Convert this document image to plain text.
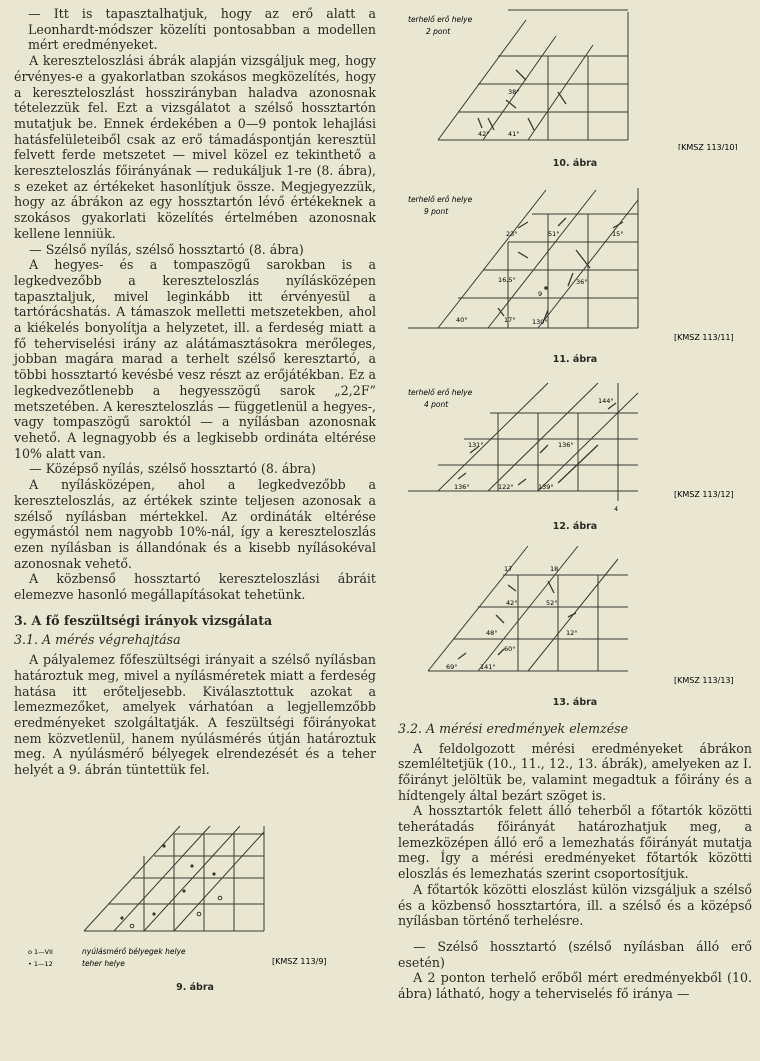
— Itt is tapasztalhatjuk, hogy az erő alatt a Leonhardt-módszer közelíti pontosabban a modellen mért eredményeket.

A kereszteloszlási ábrák alapján vizsgáljuk meg, hogy érvényes-e a gyakorlatban szokásos megközelítés, hogy a kereszteloszlást hosszirányban haladva azonosnak tételezzük fel. Ezt a vizsgálatot a szélső hossztartón mutatjuk be. Ennek érdekében a 0—9 pontok lehajlási hatásfelületeiből csak az erő támadáspontján keresztül felvett ferde metszetet — mivel közel ez tekinthető a kereszteloszlás főirányának — redukáljuk 1-re (8. ábra), s ezeket az értékeket hasonlítjuk össze. Megjegyezzük, hogy az ábrákon az egy hossztartón lévő értékeknek a szokásos gyakorlati közelítés értelmében azonosnak kellene lenniük.

— Szélső nyílás, szélső hossztartó (8. ábra)

A hegyes- és a tompaszögű sarokban is a legkedvezőbb a kereszteloszlás nyílásközépen tapasztaljuk, mivel leginkább itt érvényesül a tartórácshatás. A támaszok melletti metszetekben, ahol a kiékelés bonyolítja a helyzetet, ill. a ferdeség miatt a fő teherviselési irány az alátámasztásokra merőleges, jobban magára marad a terhelt szélső keresztartó, a többi hossztartó kevésbé vesz részt az erőjátékban. Ez a legkedvezőtlenebb a hegyesszögű sarok „2,2F” metszetében. A kereszteloszlás — függetlenül a hegyes-, vagy tompaszögű saroktól — a nyílásban azonosnak vehető. A legnagyobb és a legkisebb ordináta eltérése 10% alatt van.

— Középső nyílás, szélső hossztartó (8. ábra)

A nyílásközépen, ahol a legkedvezőbb a kereszteloszlás, az értékek szinte teljesen azonosak a szélső nyílásban mértekkel. Az ordináták eltérése egymástól nem nagyobb 10%-nál, így a kereszteloszlás ezen nyílásban is állandónak és a kisebb nyílásokéval azonosnak vehető.

A közbenső hossztartó kereszteloszlási ábráit elemezve hasonló megállapításokat tehetünk.

3. A fő feszültségi irányok vizsgálata
3.1. A mérés végrehajtása

A pályalemez főfeszültségi irányait a szélső nyílásban határoztuk meg, mivel a nyílásméretek miatt a ferdeség hatása itt erőteljesebb. Kiválasztottuk azokat a lemezmezőket, amelyek várhatóan a legjellemzőbb eredményeket szolgáltatják. A feszültségi főirányokat nem közvetlenül, hanem nyúlásmérés útján határoztuk meg. A nyúlásmérő bélyegek elrendezését és a teher helyét a 9. ábrán tüntettük fel.

o 1—VII	nyúlásmérő bélyegek helye
• 1—12	teher helye	[KMSZ 113/9]
9. ábra
terhelő erő helye
2 pont
38°
42°	41°
[KMSZ 113/10]
10. ábra
terhelő erő helye
9 pont
23°	51°	15°
16,5°	36°
40°	17°	130°
9
[KMSZ 113/11]
11. ábra
terhelő erő helye
4 pont	144°
131°	136°
136°	122°	139°
4
[KMSZ 113/12]
12. ábra
17	18
52°
42°
48°	12°
60°
69°	141°
[KMSZ 113/13]
13. ábra
3.2. A mérési eredmények elemzése

A feldolgozott mérési eredményeket ábrákon szemléltetjük (10., 11., 12., 13. ábrák), amelyeken az I. főirányt jelöltük be, valamint megadtuk a főirány és a hídtengely által bezárt szöget is.

A hossztartók felett álló teherből a főtartók közötti teherátadás főirányát határozhatjuk meg, a lemezközépen álló erő a lemezhatás főirányát mutatja meg. Így a mérési eredményeket főtartók közötti eloszlás és lemezhatás szerint csoportosítjuk.

A főtartók közötti eloszlást külön vizsgáljuk a szélső és a közbenső hossztartóra, ill. a szélső és a középső nyílásban történő terhelésre.

— Szélső hossztartó (szélső nyílásban álló erő esetén)

A 2 ponton terhelő erőből mért eredményekből (10. ábra) látható, hogy a teherviselés fő iránya —
